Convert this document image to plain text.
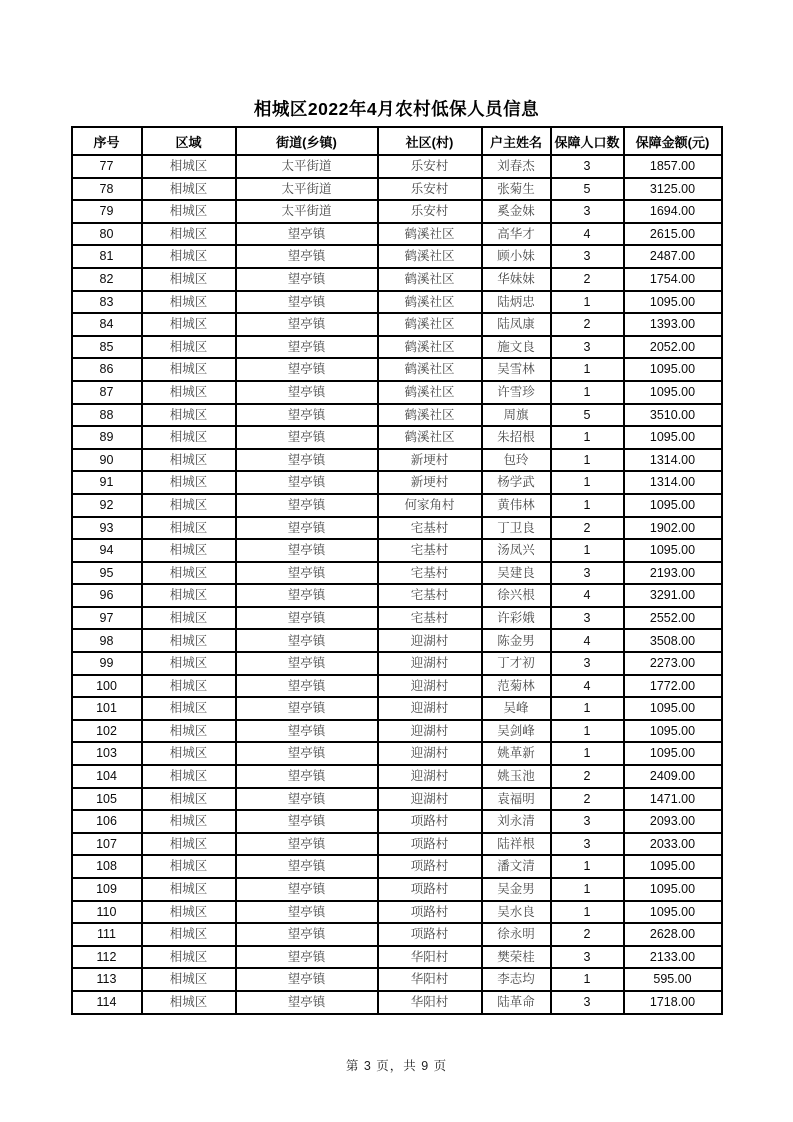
相城区2022年4月农村低保人员信息
序号	区域	街道(乡镇)	社区(村)	户主姓名	保障人口数	保障金额(元)
77	相城区	太平街道	乐安村	刘春杰	3	1857.00
78	相城区	太平街道	乐安村	张菊生	5	3125.00
79	相城区	太平街道	乐安村	奚金妹	3	1694.00
80	相城区	望亭镇	鹤溪社区	高华才	4	2615.00
81	相城区	望亭镇	鹤溪社区	顾小妹	3	2487.00
82	相城区	望亭镇	鹤溪社区	华妹妹	2	1754.00
83	相城区	望亭镇	鹤溪社区	陆炳忠	1	1095.00
84	相城区	望亭镇	鹤溪社区	陆凤康	2	1393.00
85	相城区	望亭镇	鹤溪社区	施文良	3	2052.00
86	相城区	望亭镇	鹤溪社区	吴雪林	1	1095.00
87	相城区	望亭镇	鹤溪社区	许雪珍	1	1095.00
88	相城区	望亭镇	鹤溪社区	周旗	5	3510.00
89	相城区	望亭镇	鹤溪社区	朱招根	1	1095.00
90	相城区	望亭镇	新埂村	包玲	1	1314.00
91	相城区	望亭镇	新埂村	杨学武	1	1314.00
92	相城区	望亭镇	何家角村	黄伟林	1	1095.00
93	相城区	望亭镇	宅基村	丁卫良	2	1902.00
94	相城区	望亭镇	宅基村	汤凤兴	1	1095.00
95	相城区	望亭镇	宅基村	吴建良	3	2193.00
96	相城区	望亭镇	宅基村	徐兴根	4	3291.00
97	相城区	望亭镇	宅基村	许彩娥	3	2552.00
98	相城区	望亭镇	迎湖村	陈金男	4	3508.00
99	相城区	望亭镇	迎湖村	丁才初	3	2273.00
100	相城区	望亭镇	迎湖村	范菊林	4	1772.00
101	相城区	望亭镇	迎湖村	吴峰	1	1095.00
102	相城区	望亭镇	迎湖村	吴剑峰	1	1095.00
103	相城区	望亭镇	迎湖村	姚革新	1	1095.00
104	相城区	望亭镇	迎湖村	姚玉池	2	2409.00
105	相城区	望亭镇	迎湖村	袁福明	2	1471.00
106	相城区	望亭镇	项路村	刘永清	3	2093.00
107	相城区	望亭镇	项路村	陆祥根	3	2033.00
108	相城区	望亭镇	项路村	潘文清	1	1095.00
109	相城区	望亭镇	项路村	吴金男	1	1095.00
110	相城区	望亭镇	项路村	吴水良	1	1095.00
111	相城区	望亭镇	项路村	徐永明	2	2628.00
112	相城区	望亭镇	华阳村	樊荣桂	3	2133.00
113	相城区	望亭镇	华阳村	李志均	1	595.00
114	相城区	望亭镇	华阳村	陆革命	3	1718.00
第 3 页，共 9 页
